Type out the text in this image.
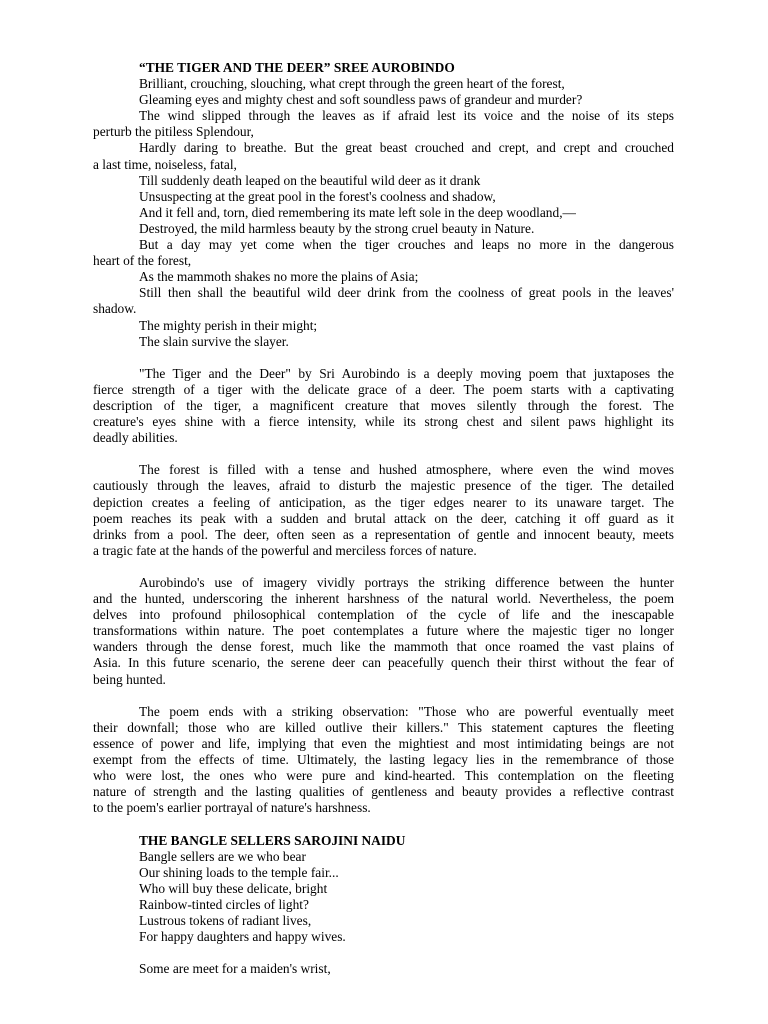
“THE TIGER AND THE DEER” SREE AUROBINDO
Brilliant, crouching, slouching, what crept through the green heart of the forest,
Gleaming eyes and mighty chest and soft soundless paws of grandeur and murder?
The wind slipped through the leaves as if afraid lest its voice and the noise of its steps
perturb the pitiless Splendour,
Hardly daring to breathe. But the great beast crouched and crept, and crept and crouched
a last time, noiseless, fatal,
Till suddenly death leaped on the beautiful wild deer as it drank
Unsuspecting at the great pool in the forest's coolness and shadow,
And it fell and, torn, died remembering its mate left sole in the deep woodland,—
Destroyed, the mild harmless beauty by the strong cruel beauty in Nature.
But a day may yet come when the tiger crouches and leaps no more in the dangerous
heart of the forest,
As the mammoth shakes no more the plains of Asia;
Still then shall the beautiful wild deer drink from the coolness of great pools in the leaves'
shadow.
The mighty perish in their might;
The slain survive the slayer.
"The Tiger and the Deer" by Sri Aurobindo is a deeply moving poem that juxtaposes the
fierce strength of a tiger with the delicate grace of a deer. The poem starts with a captivating
description of the tiger, a magnificent creature that moves silently through the forest. The
creature's eyes shine with a fierce intensity, while its strong chest and silent paws highlight its
deadly abilities.
The forest is filled with a tense and hushed atmosphere, where even the wind moves
cautiously through the leaves, afraid to disturb the majestic presence of the tiger. The detailed
depiction creates a feeling of anticipation, as the tiger edges nearer to its unaware target. The
poem reaches its peak with a sudden and brutal attack on the deer, catching it off guard as it
drinks from a pool. The deer, often seen as a representation of gentle and innocent beauty, meets
a tragic fate at the hands of the powerful and merciless forces of nature.
Aurobindo's use of imagery vividly portrays the striking difference between the hunter
and the hunted, underscoring the inherent harshness of the natural world. Nevertheless, the poem
delves into profound philosophical contemplation of the cycle of life and the inescapable
transformations within nature. The poet contemplates a future where the majestic tiger no longer
wanders through the dense forest, much like the mammoth that once roamed the vast plains of
Asia. In this future scenario, the serene deer can peacefully quench their thirst without the fear of
being hunted.
The poem ends with a striking observation: "Those who are powerful eventually meet
their downfall; those who are killed outlive their killers." This statement captures the fleeting
essence of power and life, implying that even the mightiest and most intimidating beings are not
exempt from the effects of time. Ultimately, the lasting legacy lies in the remembrance of those
who were lost, the ones who were pure and kind-hearted. This contemplation on the fleeting
nature of strength and the lasting qualities of gentleness and beauty provides a reflective contrast
to the poem's earlier portrayal of nature's harshness.
THE BANGLE SELLERS SAROJINI NAIDU
Bangle sellers are we who bear
Our shining loads to the temple fair...
Who will buy these delicate, bright
Rainbow-tinted circles of light?
Lustrous tokens of radiant lives,
For happy daughters and happy wives.
Some are meet for a maiden's wrist,
